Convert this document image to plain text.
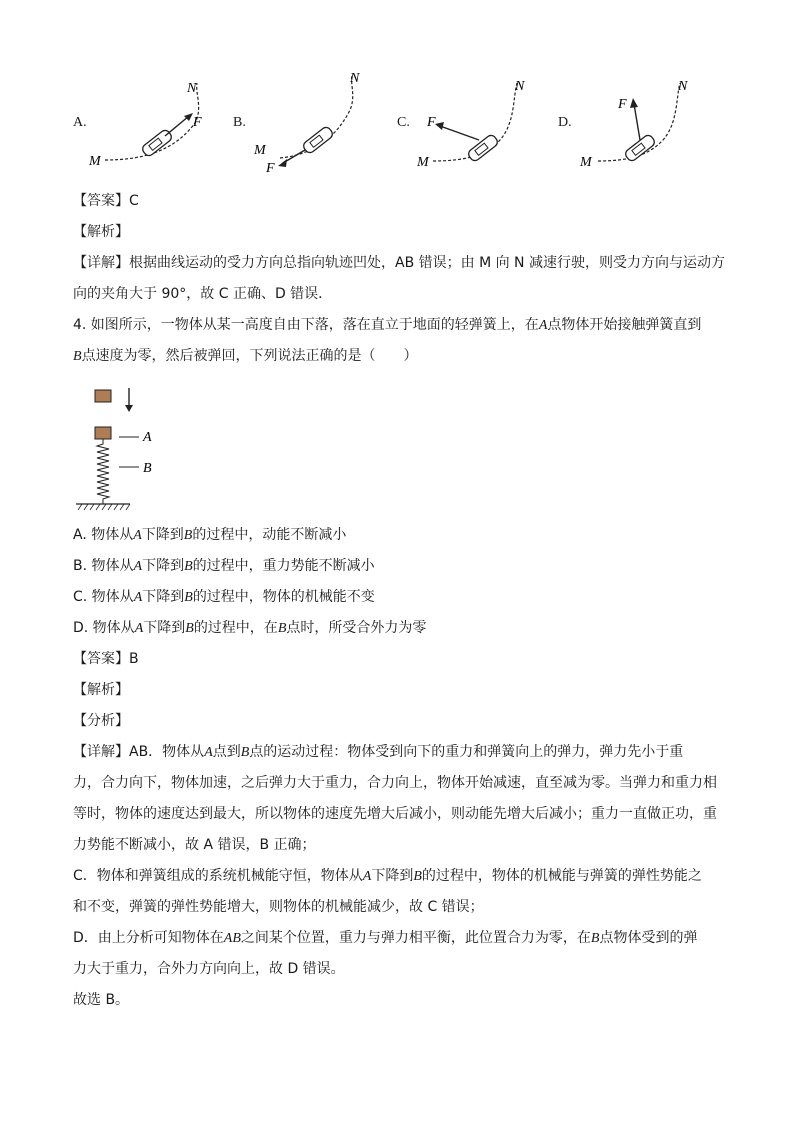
A.
M
N
F B.
M
N
F
C.
M
N
F	D.
M
N
F
【答案】C
【解析】
【详解】根据曲线运动的受力方向总指向轨迹凹处，AB 错误；由 M 向 N 减速行驶，则受力方向与运动方
向的夹角大于 90°，故 C 正确、D 错误．
4. 如图所示，一物体从某一高度自由下落，落在直立于地面的轻弹簧上，在A点物体开始接触弹簧直到
B点速度为零，然后被弹回，下列说法正确的是（　　）
A
B
A. 物体从A下降到B的过程中，动能不断减小
B. 物体从A下降到B的过程中，重力势能不断减小
C. 物体从A下降到B的过程中，物体的机械能不变
D. 物体从A下降到B的过程中，在B点时，所受合外力为零
【答案】B
【解析】
【分析】
【详解】AB．物体从A点到B点的运动过程：物体受到向下的重力和弹簧向上的弹力，弹力先小于重
力，合力向下，物体加速，之后弹力大于重力，合力向上，物体开始减速，直至减为零。当弹力和重力相
等时，物体的速度达到最大，所以物体的速度先增大后减小，则动能先增大后减小；重力一直做正功，重
力势能不断减小，故 A 错误，B 正确；
C．物体和弹簧组成的系统机械能守恒，物体从A下降到B的过程中，物体的机械能与弹簧的弹性势能之
和不变，弹簧的弹性势能增大，则物体的机械能减少，故 C 错误；
D．由上分析可知物体在AB之间某个位置，重力与弹力相平衡，此位置合力为零，在B点物体受到的弹
力大于重力，合外力方向向上，故 D 错误。
故选 B。
